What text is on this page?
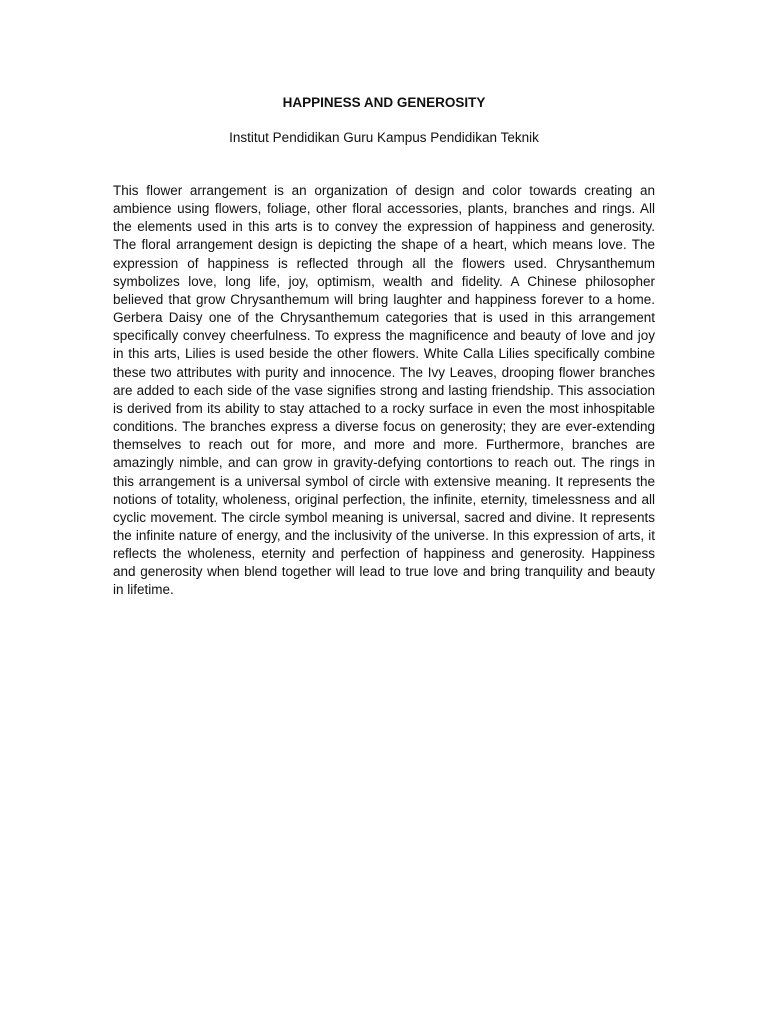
HAPPINESS AND GENEROSITY

Institut Pendidikan Guru Kampus Pendidikan Teknik

This flower arrangement is an organization of design and color towards creating an ambience using flowers, foliage, other floral accessories, plants, branches and rings. All the elements used in this arts is to convey the expression of happiness and generosity. The floral arrangement design is depicting the shape of a heart, which means love. The expression of happiness is reflected through all the flowers used. Chrysanthemum symbolizes love, long life, joy, optimism, wealth and fidelity. A Chinese philosopher believed that grow Chrysanthemum will bring laughter and happiness forever to a home. Gerbera Daisy one of the Chrysanthemum categories that is used in this arrangement specifically convey cheerfulness. To express the magnificence and beauty of love and joy in this arts, Lilies is used beside the other flowers. White Calla Lilies specifically combine these two attributes with purity and innocence. The Ivy Leaves, drooping flower branches are added to each side of the vase signifies strong and lasting friendship. This association is derived from its ability to stay attached to a rocky surface in even the most inhospitable conditions. The branches express a diverse focus on generosity; they are ever-extending themselves to reach out for more, and more and more. Furthermore, branches are amazingly nimble, and can grow in gravity-defying contortions to reach out. The rings in this arrangement is a universal symbol of circle with extensive meaning. It represents the notions of totality, wholeness, original perfection, the infinite, eternity, timelessness and all cyclic movement. The circle symbol meaning is universal, sacred and divine. It represents the infinite nature of energy, and the inclusivity of the universe. In this expression of arts, it reflects the wholeness, eternity and perfection of happiness and generosity. Happiness and generosity when blend together will lead to true love and bring tranquility and beauty in lifetime.
